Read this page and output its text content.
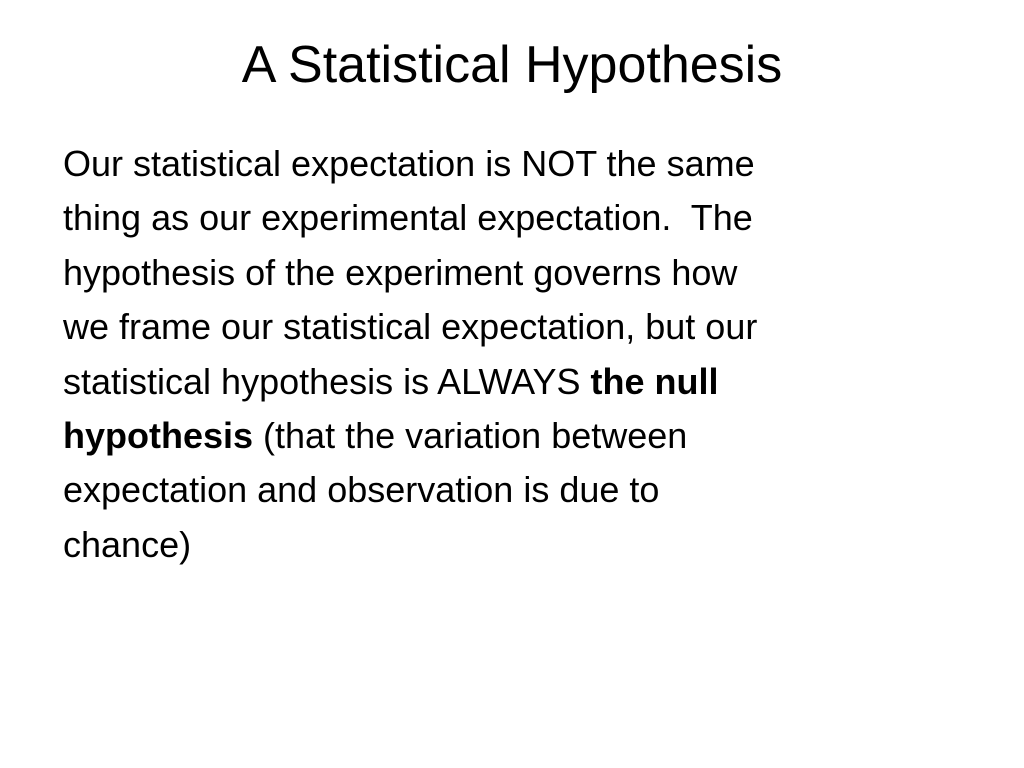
A Statistical Hypothesis
Our statistical expectation is NOT the same
thing as our experimental expectation.  The
hypothesis of the experiment governs how
we frame our statistical expectation, but our
statistical hypothesis is ALWAYS the null
hypothesis (that the variation between
expectation and observation is due to
chance)
